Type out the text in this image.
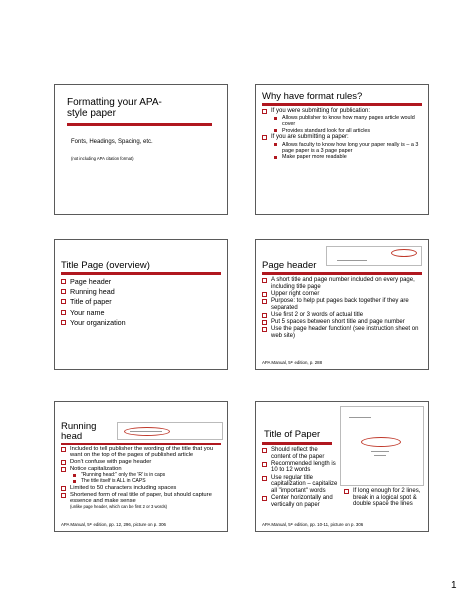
Formatting your APA-style paper
Fonts, Headings, Spacing, etc.
(not including APA citation format)
Why have format rules?
If you were submitting for publication:
Allows publisher to know how many pages article would cover
Provides standard look for all articles
If you are submitting a paper:
Allows faculty to know how long your paper really is – a 3 page paper is a 3 page paper
Make paper more readable
Title Page (overview)
Page header
Running head
Title of paper
Your name
Your organization
Page header
A short title and page number included on every page, including title page
Upper right corner
Purpose: to help put pages back together if they are separated
Use first 2 or 3 words of actual title
Put 5 spaces between short title and page number
Use the page header function! (see instruction sheet on web site)
APA Manual, 5th edition, p. 288
Running
head
Included to tell publisher the wording of the title that you want on the top of the pages of published article
Don't confuse with page header
Notice capitalization
"Running head:" only the 'R' is in caps
The title itself is ALL in CAPS
Limited to 50 characters including spaces
Shortened form of real title of paper, but should capture essence and make sense
(unlike page header, which can be first 2 or 3 words)
APA Manual, 5th edition, pp. 12, 296, picture on p. 306
Title of Paper
Should reflect the content of the paper
Recommended length is 10 to 12 words
Use regular title capitalization – capitalize all "important" words
Center horizontally and vertically on paper
If long enough for 2 lines, break in a logical spot & double space the lines
APA Manual, 5th edition, pp. 10-11, picture on p. 306
1
